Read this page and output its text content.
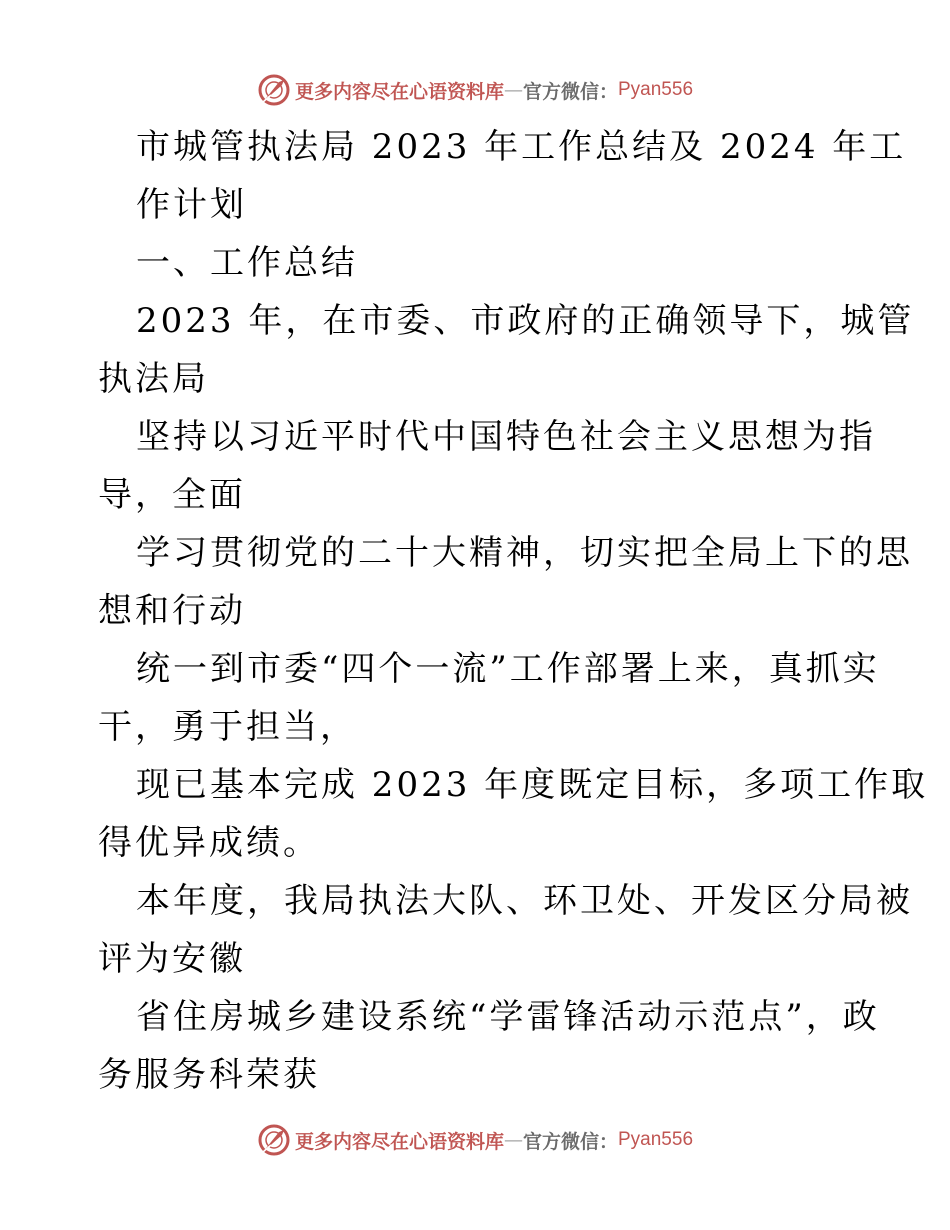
更多内容尽在心语资料库 — 官方微信： Pyan556
市城管执法局 2023 年工作总结及 2024 年工
作计划
一、工作总结
2023 年，在市委、市政府的正确领导下，城管
执法局
坚持以习近平时代中国特色社会主义思想为指
导，全面
学习贯彻党的二十大精神，切实把全局上下的思
想和行动
统一到市委“四个一流”工作部署上来，真抓实
干，勇于担当，
现已基本完成 2023 年度既定目标，多项工作取
得优异成绩。
本年度，我局执法大队、环卫处、开发区分局被
评为安徽
省住房城乡建设系统“学雷锋活动示范点”，政
务服务科荣获
更多内容尽在心语资料库 — 官方微信： Pyan556
